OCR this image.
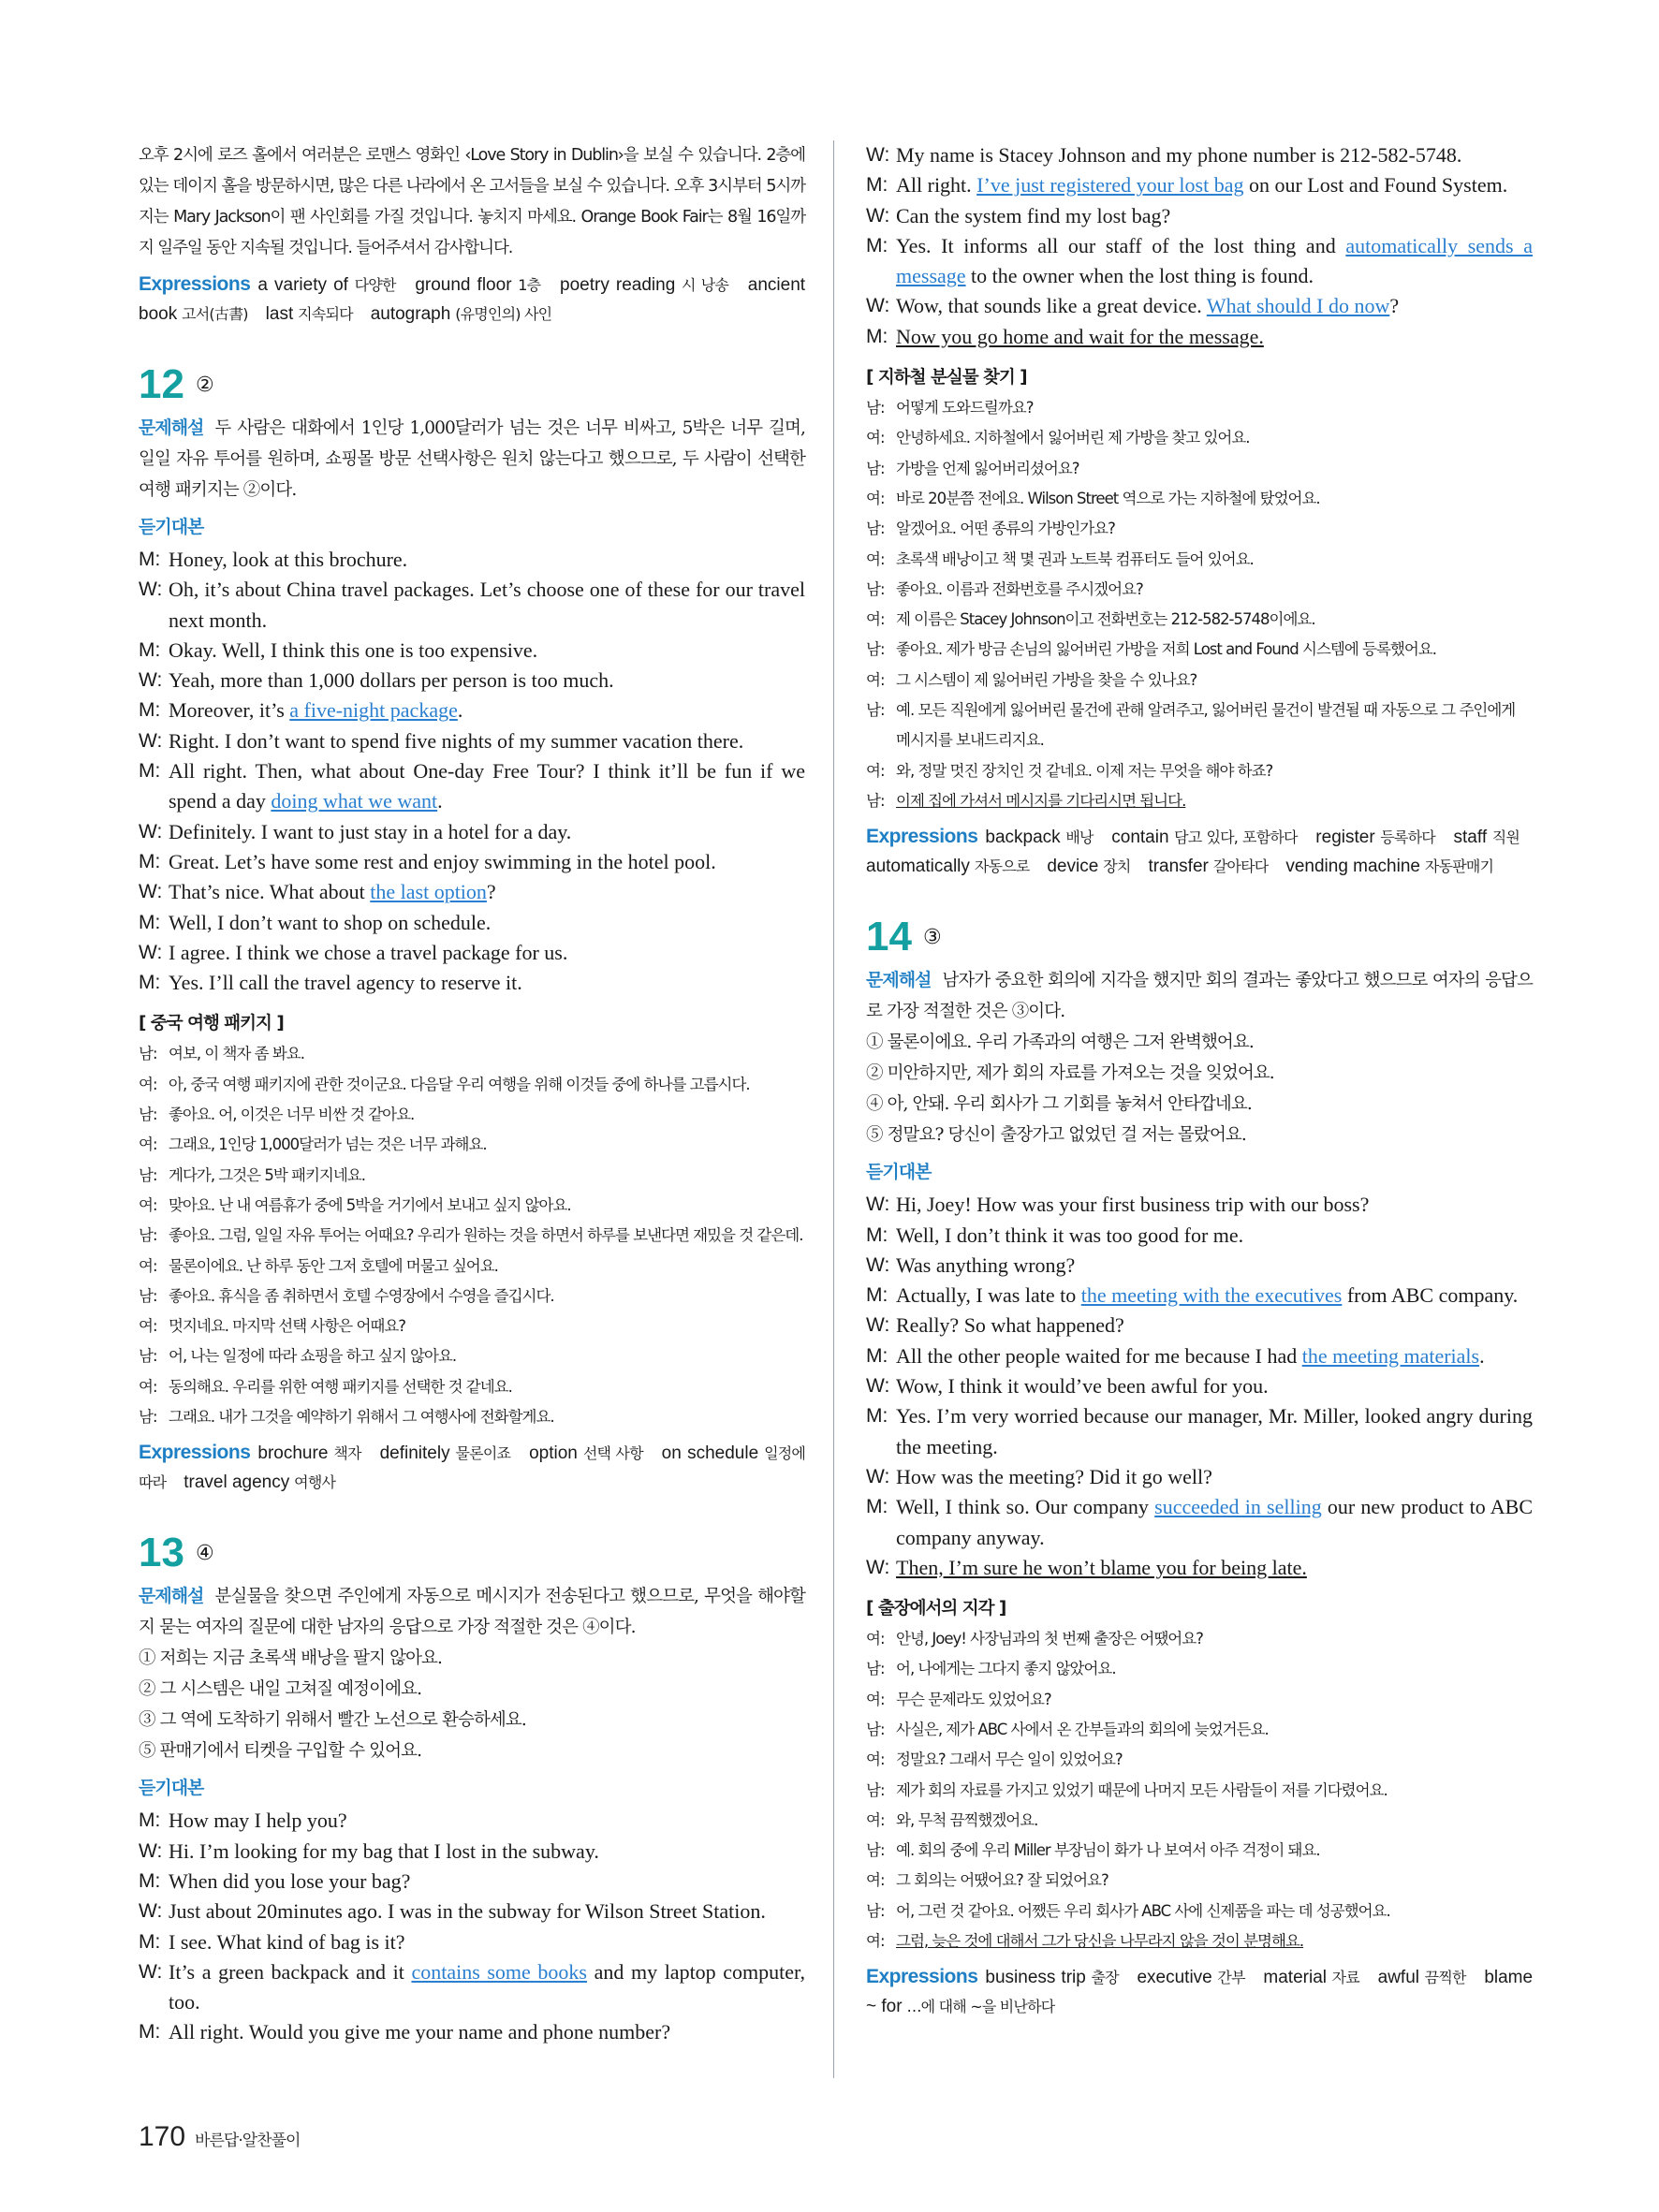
오후 2시에 로즈 홀에서 여러분은 로맨스 영화인 ‹Love Story in Dublin›을 보실 수 있습니다. 2층에 있는 데이지 홀을 방문하시면, 많은 다른 나라에서 온 고서들을 보실 수 있습니다. 오후 3시부터 5시까지는 Mary Jackson이 팬 사인회를 가질 것입니다. 놓치지 마세요. Orange Book Fair는 8월 16일까지 일주일 동안 지속될 것입니다. 들어주셔서 감사합니다.

Expressions a variety of 다양한 ground floor 1층 poetry reading 시 낭송 ancient book 고서(古書) last 지속되다 autograph (유명인의) 사인

12 ②

문제해설 두 사람은 대화에서 1인당 1,000달러가 넘는 것은 너무 비싸고, 5박은 너무 길며, 일일 자유 투어를 원하며, 쇼핑몰 방문 선택사항은 원치 않는다고 했으므로, 두 사람이 선택한 여행 패키지는 ②이다.

듣기대본
M: Honey, look at this brochure.
W: Oh, it’s about China travel packages. Let’s choose one of these for our travel next month.
M: Okay. Well, I think this one is too expensive.
W: Yeah, more than 1,000 dollars per person is too much.
M: Moreover, it’s a five-night package.
W: Right. I don’t want to spend five nights of my summer vacation there.
M: All right. Then, what about One-day Free Tour? I think it’ll be fun if we spend a day doing what we want.
W: Definitely. I want to just stay in a hotel for a day.
M: Great. Let’s have some rest and enjoy swimming in the hotel pool.
W: That’s nice. What about the last option?
M: Well, I don’t want to shop on schedule.
W: I agree. I think we chose a travel package for us.
M: Yes. I’ll call the travel agency to reserve it.
[ 중국 여행 패키지 ]
남: 여보, 이 책자 좀 봐요.
여: 아, 중국 여행 패키지에 관한 것이군요. 다음달 우리 여행을 위해 이것들 중에 하나를 고릅시다.
남: 좋아요. 어, 이것은 너무 비싼 것 같아요.
여: 그래요, 1인당 1,000달러가 넘는 것은 너무 과해요.
남: 게다가, 그것은 5박 패키지네요.
여: 맞아요. 난 내 여름휴가 중에 5박을 거기에서 보내고 싶지 않아요.
남: 좋아요. 그럼, 일일 자유 투어는 어때요? 우리가 원하는 것을 하면서 하루를 보낸다면 재밌을 것 같은데.
여: 물론이에요. 난 하루 동안 그저 호텔에 머물고 싶어요.
남: 좋아요. 휴식을 좀 취하면서 호텔 수영장에서 수영을 즐깁시다.
여: 멋지네요. 마지막 선택 사항은 어때요?
남: 어, 나는 일정에 따라 쇼핑을 하고 싶지 않아요.
여: 동의해요. 우리를 위한 여행 패키지를 선택한 것 같네요.
남: 그래요. 내가 그것을 예약하기 위해서 그 여행사에 전화할게요.

Expressions brochure 책자 definitely 물론이죠 option 선택 사항 on schedule 일정에 따라 travel agency 여행사

13 ④

문제해설 분실물을 찾으면 주인에게 자동으로 메시지가 전송된다고 했으므로, 무엇을 해야할지 묻는 여자의 질문에 대한 남자의 응답으로 가장 적절한 것은 ④이다.

① 저희는 지금 초록색 배낭을 팔지 않아요.

② 그 시스템은 내일 고쳐질 예정이에요.

③ 그 역에 도착하기 위해서 빨간 노선으로 환승하세요.

⑤ 판매기에서 티켓을 구입할 수 있어요.

듣기대본
M: How may I help you?
W: Hi. I’m looking for my bag that I lost in the subway.
M: When did you lose your bag?
W: Just about 20minutes ago. I was in the subway for Wilson Street Station.
M: I see. What kind of bag is it?
W: It’s a green backpack and it contains some books and my laptop computer, too.
M: All right. Would you give me your name and phone number?
W: My name is Stacey Johnson and my phone number is 212-582-5748.
M: All right. I’ve just registered your lost bag on our Lost and Found System.
W: Can the system find my lost bag?
M: Yes. It informs all our staff of the lost thing and automatically sends a message to the owner when the lost thing is found.
W: Wow, that sounds like a great device. What should I do now?
M: Now you go home and wait for the message.
[ 지하철 분실물 찾기 ]
남: 어떻게 도와드릴까요?
여: 안녕하세요. 지하철에서 잃어버린 제 가방을 찾고 있어요.
남: 가방을 언제 잃어버리셨어요?
여: 바로 20분쯤 전에요. Wilson Street 역으로 가는 지하철에 탔었어요.
남: 알겠어요. 어떤 종류의 가방인가요?
여: 초록색 배낭이고 책 몇 권과 노트북 컴퓨터도 들어 있어요.
남: 좋아요. 이름과 전화번호를 주시겠어요?
여: 제 이름은 Stacey Johnson이고 전화번호는 212-582-5748이에요.
남: 좋아요. 제가 방금 손님의 잃어버린 가방을 저희 Lost and Found 시스템에 등록했어요.
여: 그 시스템이 제 잃어버린 가방을 찾을 수 있나요?
남: 예. 모든 직원에게 잃어버린 물건에 관해 알려주고, 잃어버린 물건이 발견될 때 자동으로 그 주인에게 메시지를 보내드리지요.
여: 와, 정말 멋진 장치인 것 같네요. 이제 저는 무엇을 해야 하죠?
남: 이제 집에 가셔서 메시지를 기다리시면 됩니다.

Expressions backpack 배낭 contain 담고 있다, 포함하다 register 등록하다 staff 직원 automatically 자동으로 device 장치 transfer 갈아타다 vending machine 자동판매기

14 ③

문제해설 남자가 중요한 회의에 지각을 했지만 회의 결과는 좋았다고 했으므로 여자의 응답으로 가장 적절한 것은 ③이다.

① 물론이에요. 우리 가족과의 여행은 그저 완벽했어요.

② 미안하지만, 제가 회의 자료를 가져오는 것을 잊었어요.

④ 아, 안돼. 우리 회사가 그 기회를 놓쳐서 안타깝네요.

⑤ 정말요? 당신이 출장가고 없었던 걸 저는 몰랐어요.

듣기대본
W: Hi, Joey! How was your first business trip with our boss?
M: Well, I don’t think it was too good for me.
W: Was anything wrong?
M: Actually, I was late to the meeting with the executives from ABC company.
W: Really? So what happened?
M: All the other people waited for me because I had the meeting materials.
W: Wow, I think it would’ve been awful for you.
M: Yes. I’m very worried because our manager, Mr. Miller, looked angry during the meeting.
W: How was the meeting? Did it go well?
M: Well, I think so. Our company succeeded in selling our new product to ABC company anyway.
W: Then, I’m sure he won’t blame you for being late.
[ 출장에서의 지각 ]
여: 안녕, Joey! 사장님과의 첫 번째 출장은 어땠어요?
남: 어, 나에게는 그다지 좋지 않았어요.
여: 무슨 문제라도 있었어요?
남: 사실은, 제가 ABC 사에서 온 간부들과의 회의에 늦었거든요.
여: 정말요? 그래서 무슨 일이 있었어요?
남: 제가 회의 자료를 가지고 있었기 때문에 나머지 모든 사람들이 저를 기다렸어요.
여: 와, 무척 끔찍했겠어요.
남: 예. 회의 중에 우리 Miller 부장님이 화가 나 보여서 아주 걱정이 돼요.
여: 그 회의는 어땠어요? 잘 되었어요?
남: 어, 그런 것 같아요. 어쨌든 우리 회사가 ABC 사에 신제품을 파는 데 성공했어요.
여: 그럼, 늦은 것에 대해서 그가 당신을 나무라지 않을 것이 분명해요.

Expressions business trip 출장 executive 간부 material 자료 awful 끔찍한 blame ~ for …에 대해 ~을 비난하다

170 바른답·알찬풀이
